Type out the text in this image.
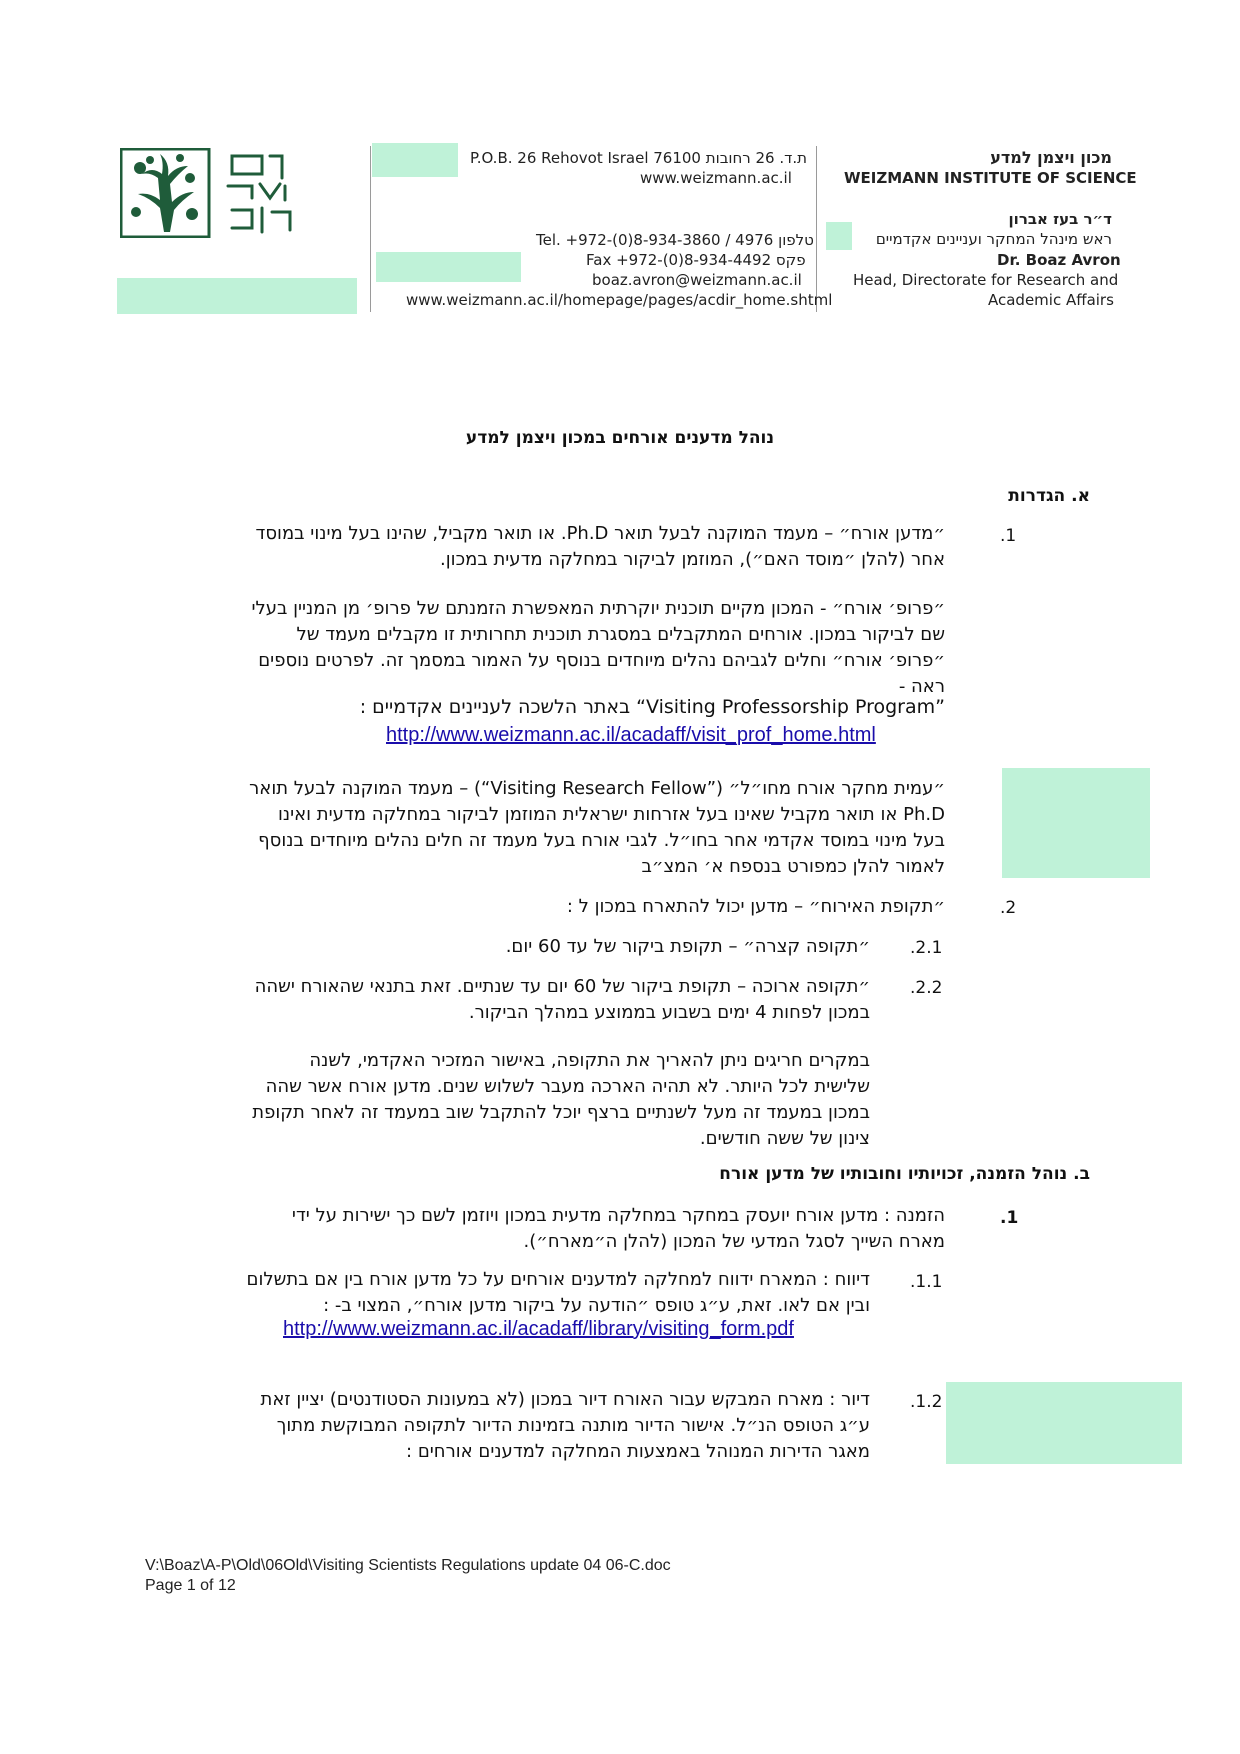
P.O.B. 26 Rehovot Israel 76100 ת.ד. 26 רחובות
www.weizmann.ac.il
Tel. +972-(0)8-934-3860 / 4976 טלפון
Fax +972-(0)8-934-4492 פקס
boaz.avron@weizmann.ac.il
www.weizmann.ac.il/homepage/pages/acdir_home.shtml
מכון ויצמן למדע
WEIZMANN INSTITUTE OF SCIENCE
ד״ר בעז אברון
ראש מינהל המחקר ועניינים אקדמיים
Dr. Boaz Avron
Head, Directorate for Research and
Academic Affairs
נוהל מדענים אורחים במכון ויצמן למדע
א. הגדרות
.1
״מדען אורח״ – מעמד המוקנה לבעל תואר Ph.D. או תואר מקביל, שהינו בעל מינוי במוסד
אחר (להלן ״מוסד האם״), המוזמן לביקור במחלקה מדעית במכון.
״פרופ׳ אורח״ - המכון מקיים תוכנית יוקרתית המאפשרת הזמנתם של פרופ׳ מן המניין בעלי
שם לביקור במכון. אורחים המתקבלים במסגרת תוכנית תחרותית זו מקבלים מעמד של
״פרופ׳ אורח״ וחלים לגביהם נהלים מיוחדים בנוסף על האמור במסמך זה. לפרטים נוספים
ראה -
”Visiting Professorship Program“ באתר הלשכה לעניינים אקדמיים :
http://www.weizmann.ac.il/acadaff/visit_prof_home.html
״עמית מחקר אורח מחו״ל״ (”Visiting Research Fellow“) – מעמד המוקנה לבעל תואר
Ph.D או תואר מקביל שאינו בעל אזרחות ישראלית המוזמן לביקור במחלקה מדעית ואינו
בעל מינוי במוסד אקדמי אחר בחו״ל. לגבי אורח בעל מעמד זה חלים נהלים מיוחדים בנוסף
לאמור להלן כמפורט בנספח א׳ המצ״ב
.2
״תקופת האירוח״ – מדען יכול להתארח במכון ל :
.2.1
״תקופה קצרה״ – תקופת ביקור של עד 60 יום.
.2.2
״תקופה ארוכה – תקופת ביקור של 60 יום עד שנתיים. זאת בתנאי שהאורח ישהה
במכון לפחות 4 ימים בשבוע בממוצע במהלך הביקור.
במקרים חריגים ניתן להאריך את התקופה, באישור המזכיר האקדמי, לשנה
שלישית לכל היותר. לא תהיה הארכה מעבר לשלוש שנים. מדען אורח אשר שהה
במכון במעמד זה מעל לשנתיים ברצף יוכל להתקבל שוב במעמד זה לאחר תקופת
צינון של ששה חודשים.
ב. נוהל הזמנה, זכויותיו וחובותיו של מדען אורח
.1
הזמנה : מדען אורח יועסק במחקר במחלקה מדעית במכון ויוזמן לשם כך ישירות על ידי
מארח השייך לסגל המדעי של המכון (להלן ה״מארח״).
.1.1
דיווח : המארח ידווח למחלקה למדענים אורחים על כל מדען אורח בין אם בתשלום
ובין אם לאו. זאת, ע״ג טופס ״הודעה על ביקור מדען אורח״, המצוי ב- :
http://www.weizmann.ac.il/acadaff/library/visiting_form.pdf
.1.2
דיור : מארח המבקש עבור האורח דיור במכון (לא במעונות הסטודנטים) יציין זאת
ע״ג הטופס הנ״ל. אישור הדיור מותנה בזמינות הדיור לתקופה המבוקשת מתוך
מאגר הדירות המנוהל באמצעות המחלקה למדענים אורחים :
V:\Boaz\A-P\Old\06Old\Visiting Scientists Regulations update 04 06-C.doc
Page 1 of 12
